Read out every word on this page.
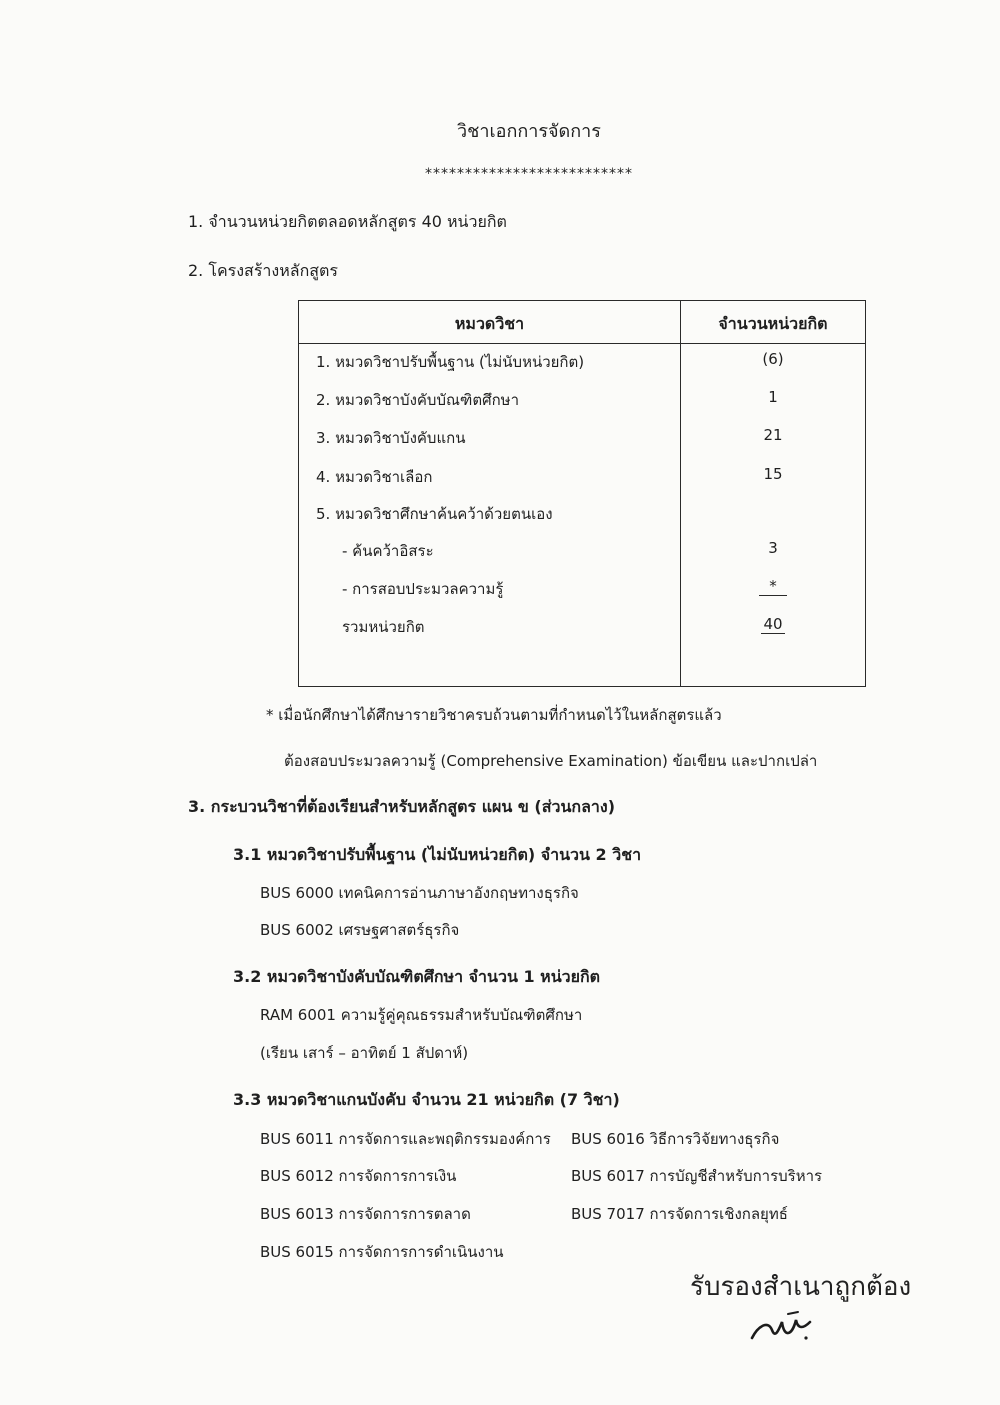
วิชาเอกการจัดการ
**************************
1. จำนวนหน่วยกิตตลอดหลักสูตร 40 หน่วยกิต
2. โครงสร้างหลักสูตร
หมวดวิชา	จำนวนหน่วยกิต
1. หมวดวิชาปรับพื้นฐาน (ไม่นับหน่วยกิต)	(6)
2. หมวดวิชาบังคับบัณฑิตศึกษา	1
3. หมวดวิชาบังคับแกน	21
4. หมวดวิชาเลือก	15
5. หมวดวิชาศึกษาค้นคว้าด้วยตนเอง
- ค้นคว้าอิสระ	3
- การสอบประมวลความรู้	*
รวมหน่วยกิต	40
* เมื่อนักศึกษาได้ศึกษารายวิชาครบถ้วนตามที่กำหนดไว้ในหลักสูตรแล้ว
ต้องสอบประมวลความรู้ (Comprehensive Examination) ข้อเขียน และปากเปล่า
3. กระบวนวิชาที่ต้องเรียนสำหรับหลักสูตร แผน ข (ส่วนกลาง)
3.1 หมวดวิชาปรับพื้นฐาน (ไม่นับหน่วยกิต) จำนวน 2 วิชา
BUS 6000 เทคนิคการอ่านภาษาอังกฤษทางธุรกิจ
BUS 6002 เศรษฐศาสตร์ธุรกิจ
3.2 หมวดวิชาบังคับบัณฑิตศึกษา จำนวน 1 หน่วยกิต
RAM 6001 ความรู้คู่คุณธรรมสำหรับบัณฑิตศึกษา
(เรียน เสาร์ – อาทิตย์ 1 สัปดาห์)
3.3 หมวดวิชาแกนบังคับ จำนวน 21 หน่วยกิต (7 วิชา)
BUS 6011 การจัดการและพฤติกรรมองค์การ BUS 6016 วิธีการวิจัยทางธุรกิจ
BUS 6012 การจัดการการเงิน	BUS 6017 การบัญชีสำหรับการบริหาร
BUS 6013 การจัดการการตลาด	BUS 7017 การจัดการเชิงกลยุทธ์
BUS 6015 การจัดการการดำเนินงาน
รับรองสำเนาถูกต้อง
